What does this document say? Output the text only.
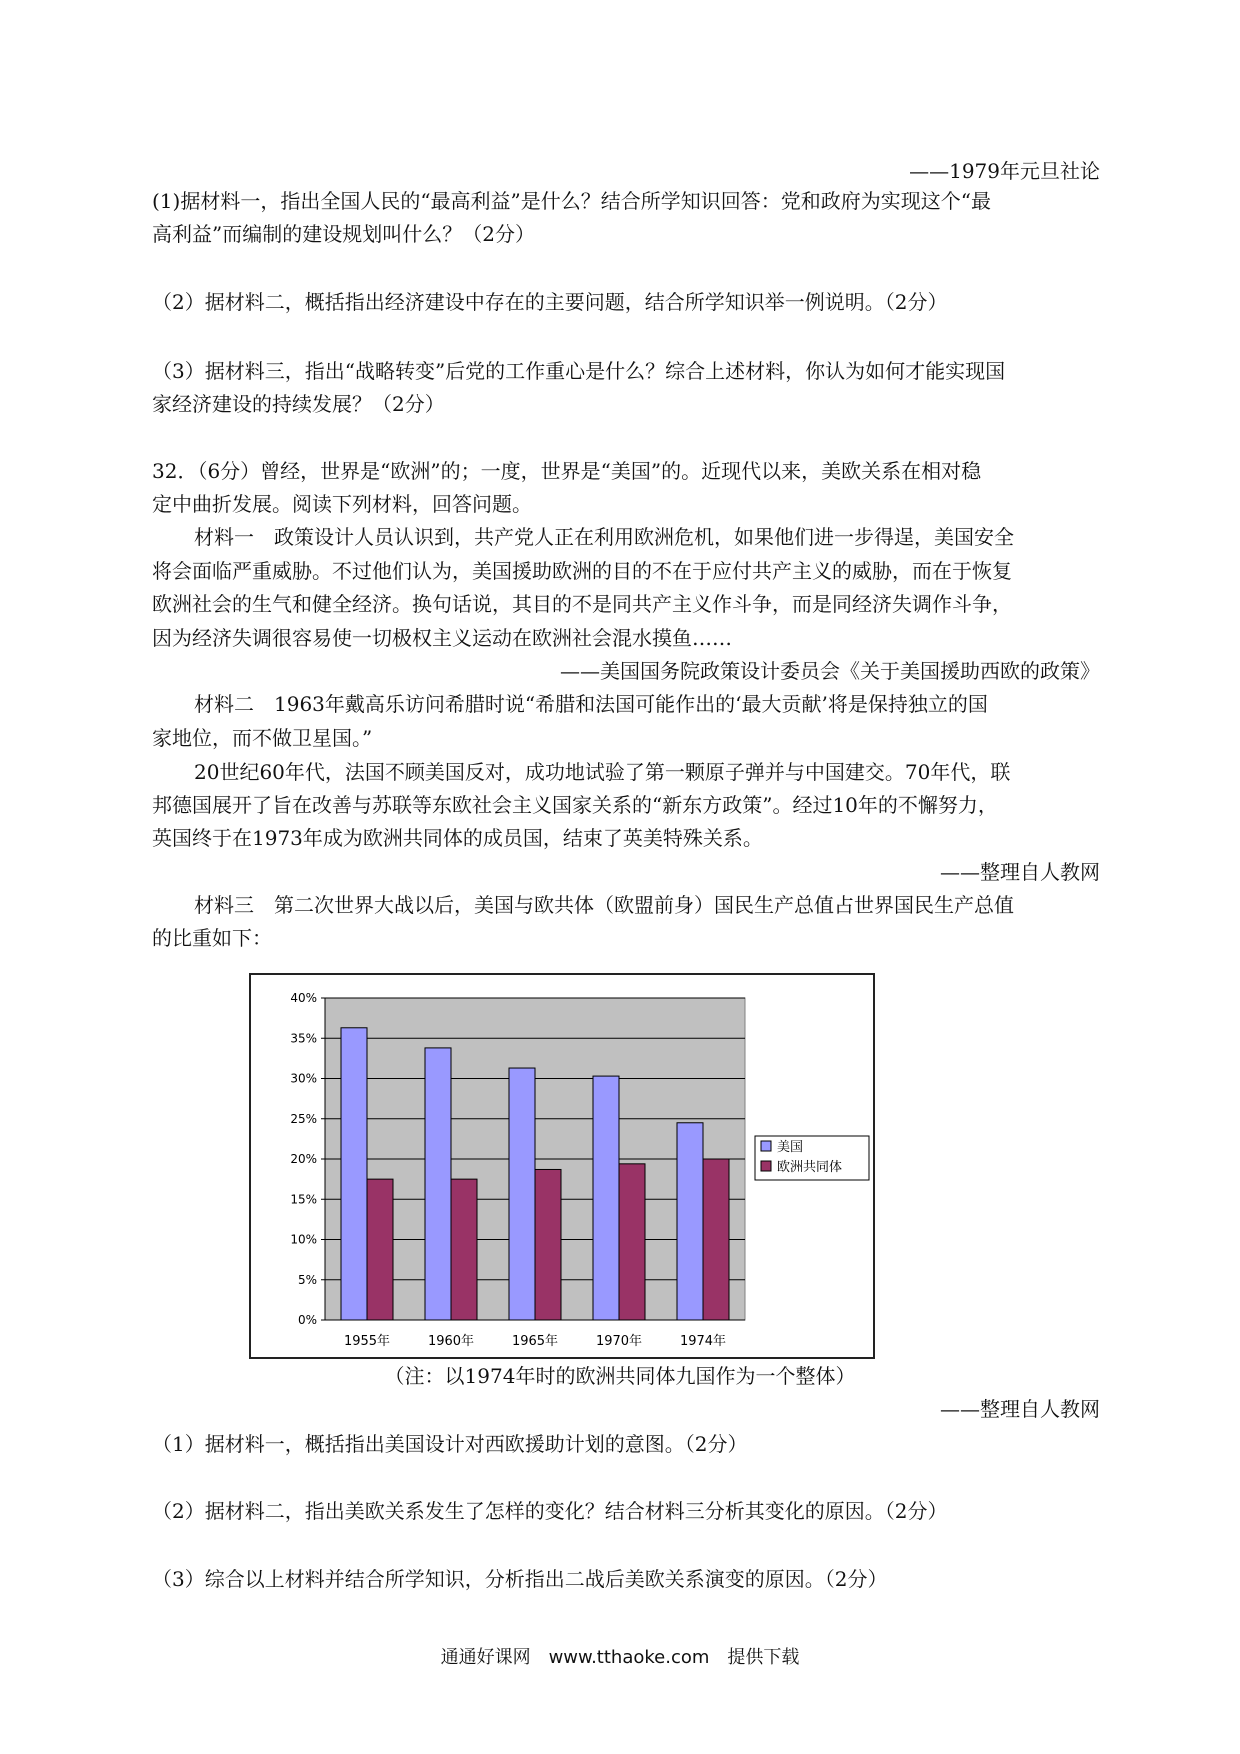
——1979年元旦社论
(1)据材料一，指出全国人民的“最高利益”是什么？结合所学知识回答：党和政府为实现这个“最
高利益”而编制的建设规划叫什么？（2分）
（2）据材料二，概括指出经济建设中存在的主要问题，结合所学知识举一例说明。（2分）
（3）据材料三，指出“战略转变”后党的工作重心是什么？综合上述材料，你认为如何才能实现国
家经济建设的持续发展？（2分）
32．（6分）曾经，世界是“欧洲”的；一度，世界是“美国”的。近现代以来，美欧关系在相对稳
定中曲折发展。阅读下列材料，回答问题。
材料一　政策设计人员认识到，共产党人正在利用欧洲危机，如果他们进一步得逞，美国安全
将会面临严重威胁。不过他们认为，美国援助欧洲的目的不在于应付共产主义的威胁，而在于恢复
欧洲社会的生气和健全经济。换句话说，其目的不是同共产主义作斗争，而是同经济失调作斗争，
因为经济失调很容易使一切极权主义运动在欧洲社会混水摸鱼……
——美国国务院政策设计委员会《关于美国援助西欧的政策》
材料二　1963年戴高乐访问希腊时说“希腊和法国可能作出的‘最大贡献’将是保持独立的国
家地位，而不做卫星国。”
20世纪60年代，法国不顾美国反对，成功地试验了第一颗原子弹并与中国建交。70年代，联
邦德国展开了旨在改善与苏联等东欧社会主义国家关系的“新东方政策”。经过10年的不懈努力，
英国终于在1973年成为欧洲共同体的成员国，结束了英美特殊关系。
——整理自人教网
材料三　第二次世界大战以后，美国与欧共体（欧盟前身）国民生产总值占世界国民生产总值
的比重如下：
0%
5%
10%
15%
20%
25%
30%
35%
40%
1955年	1960年	1965年	1970年	1974年
美国
欧洲共同体
（注：以1974年时的欧洲共同体九国作为一个整体）
——整理自人教网
（1）据材料一，概括指出美国设计对西欧援助计划的意图。（2分）
（2）据材料二，指出美欧关系发生了怎样的变化？结合材料三分析其变化的原因。（2分）
（3）综合以上材料并结合所学知识，分析指出二战后美欧关系演变的原因。（2分）
通通好课网　www.tthaoke.com　提供下载
